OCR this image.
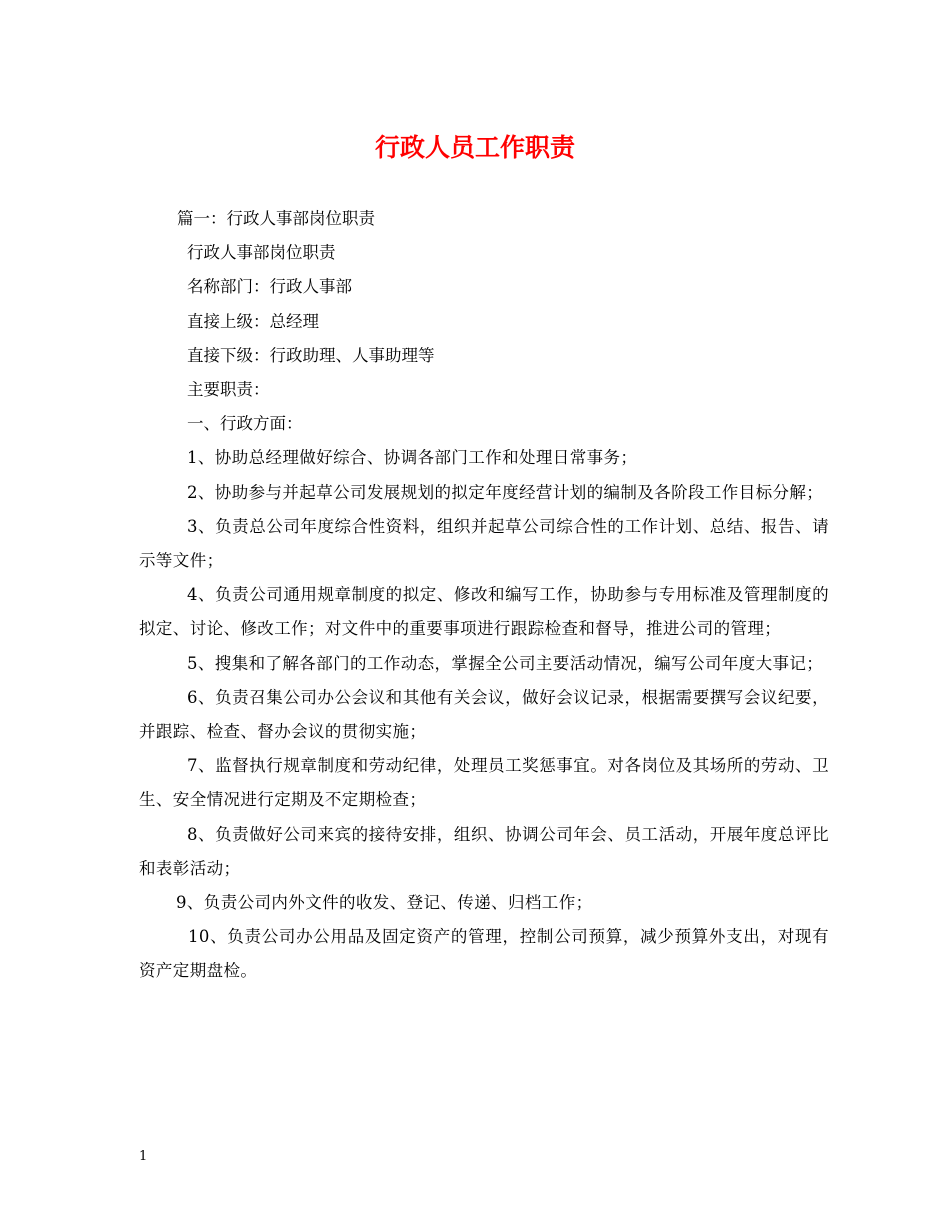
行政人员工作职责

篇一：行政人事部岗位职责

行政人事部岗位职责

名称部门：行政人事部

直接上级：总经理

直接下级：行政助理、人事助理等

主要职责：

一、行政方面：

1、协助总经理做好综合、协调各部门工作和处理日常事务；

2、协助参与并起草公司发展规划的拟定年度经营计划的编制及各阶段工作目标分解；

3、负责总公司年度综合性资料，组织并起草公司综合性的工作计划、总结、报告、请示等文件；

4、负责公司通用规章制度的拟定、修改和编写工作，协助参与专用标准及管理制度的拟定、讨论、修改工作；对文件中的重要事项进行跟踪检查和督导，推进公司的管理；

5、搜集和了解各部门的工作动态，掌握全公司主要活动情况，编写公司年度大事记；

6、负责召集公司办公会议和其他有关会议，做好会议记录，根据需要撰写会议纪要，并跟踪、检查、督办会议的贯彻实施；

7、监督执行规章制度和劳动纪律，处理员工奖惩事宜。对各岗位及其场所的劳动、卫生、安全情况进行定期及不定期检查；

8、负责做好公司来宾的接待安排，组织、协调公司年会、员工活动，开展年度总评比和表彰活动；

9、负责公司内外文件的收发、登记、传递、归档工作；

10、负责公司办公用品及固定资产的管理，控制公司预算，减少预算外支出，对现有资产定期盘检。

1
